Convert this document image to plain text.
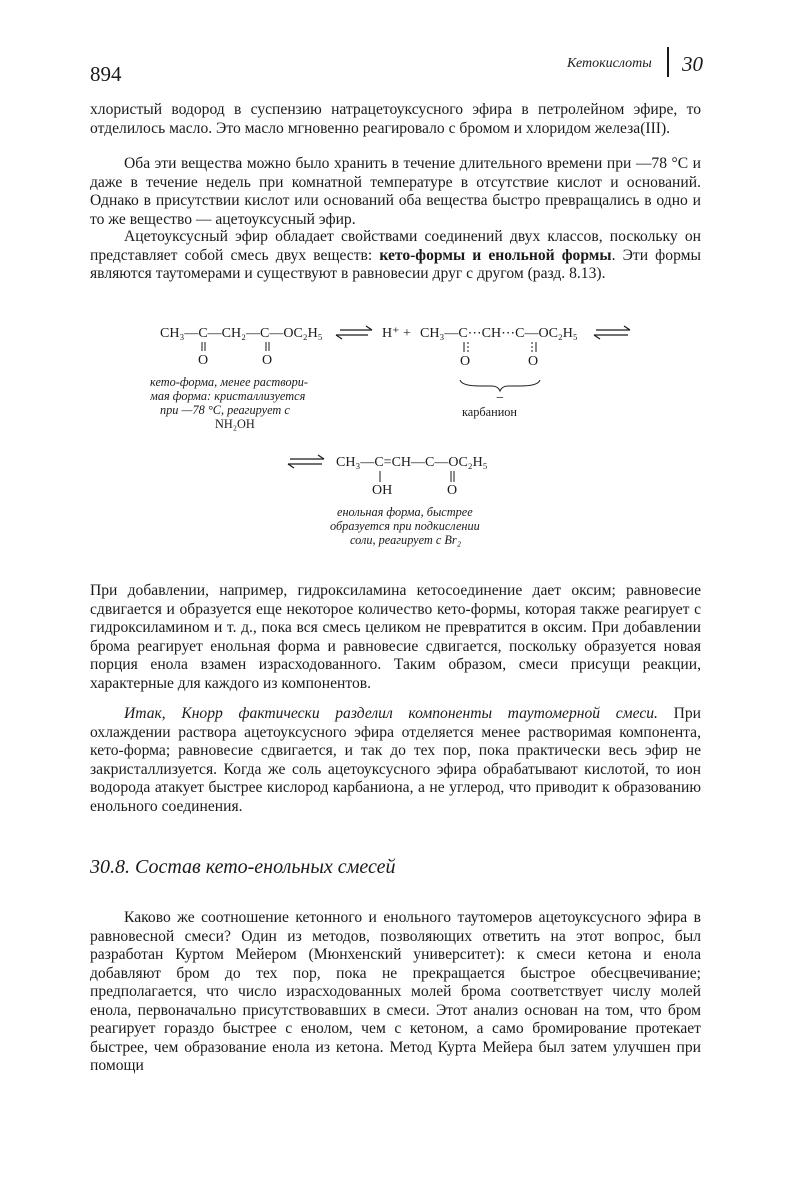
894	Кетокислоты 30

хлористый водород в суспензию натрацетоуксусного эфира в петролейном эфире, то отделилось масло. Это масло мгновенно реагировало с бромом и хлоридом железа(III).

Оба эти вещества можно было хранить в течение длительного времени при —78 °С и даже в течение недель при комнатной температуре в отсутствие кислот и оснований. Однако в присутствии кислот или оснований оба вещества быстро превращались в одно и то же вещество — ацетоуксусный эфир.

Ацетоуксусный эфир обладает свойствами соединений двух классов, поскольку он представляет собой смесь двух веществ: кето-формы и енольной формы. Эти формы являются таутомерами и существуют в равновесии друг с другом (разд. 8.13).

CH₃—C—CH₂—C—OC₂H₅
O	O
H⁺ + CH₃—C⋯CH⋯C—OC₂H₅
O	O
кето-форма, менее раствори-
мая форма: кристаллизуется
при —78 °С, реагирует с
NH₂OH
−
карбанион
CH₃—C=CH—C—OC₂H₅
OH	O
енольная форма, быстрее
образуется при подкислении
соли, реагирует с Br₂

При добавлении, например, гидроксиламина кетосоединение дает оксим; равновесие сдвигается и образуется еще некоторое количество кето-формы, которая также реагирует с гидроксиламином и т. д., пока вся смесь целиком не превратится в оксим. При добавлении брома реагирует енольная форма и равновесие сдвигается, поскольку образуется новая порция енола взамен израсходованного. Таким образом, смеси присущи реакции, характерные для каждого из компонентов.

Итак, Кнорр фактически разделил компоненты таутомерной смеси. При охлаждении раствора ацетоуксусного эфира отделяется менее растворимая компонента, кето-форма; равновесие сдвигается, и так до тех пор, пока практически весь эфир не закристаллизуется. Когда же соль ацетоуксусного эфира обрабатывают кислотой, то ион водорода атакует быстрее кислород карбаниона, а не углерод, что приводит к образованию енольного соединения.

30.8. Состав кето-енольных смесей

Каково же соотношение кетонного и енольного таутомеров ацетоуксусного эфира в равновесной смеси? Один из методов, позволяющих ответить на этот вопрос, был разработан Куртом Мейером (Мюнхенский университет): к смеси кетона и енола добавляют бром до тех пор, пока не прекращается быстрое обесцвечивание; предполагается, что число израсходованных молей брома соответствует числу молей енола, первоначально присутствовавших в смеси. Этот анализ основан на том, что бром реагирует гораздо быстрее с енолом, чем с кетоном, а само бромирование протекает быстрее, чем образование енола из кетона. Метод Курта Мейера был затем улучшен при помощи
